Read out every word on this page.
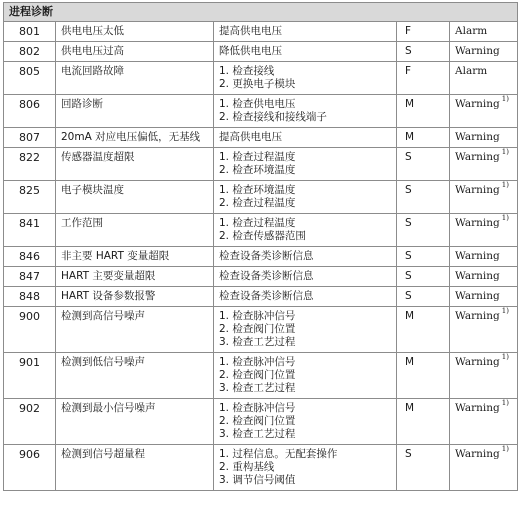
进程诊断				
801	供电电压太低	提高供电电压	F	Alarm
802	供电电压过高	降低供电电压	S	Warning
805	电流回路故障	1. 检查接线
2. 更换电子模块	F	Alarm
806	回路诊断	1. 检查供电电压
2. 检查接线和接线端子	M	Warning $^{1)}$
807	20mA 对应电压偏低，无基线	提高供电电压	M	Warning
822	传感器温度超限	1. 检查过程温度
2. 检查环境温度	S	Warning $^{1)}$
825	电子模块温度	1. 检查环境温度
2. 检查过程温度	S	Warning $^{1)}$
841	工作范围	1. 检查过程温度
2. 检查传感器范围	S	Warning $^{1)}$
846	非主要 HART 变量超限	检查设备类诊断信息	S	Warning
847	HART 主要变量超限	检查设备类诊断信息	S	Warning
848	HART 设备参数报警	检查设备类诊断信息	S	Warning
900	检测到高信号噪声	1. 检查脉冲信号
2. 检查阀门位置
3. 检查工艺过程	M	Warning $^{1)}$
901	检测到低信号噪声	1. 检查脉冲信号
2. 检查阀门位置
3. 检查工艺过程	M	Warning $^{1)}$
902	检测到最小信号噪声	1. 检查脉冲信号
2. 检查阀门位置
3. 检查工艺过程	M	Warning $^{1)}$
906	检测到信号超量程	1. 过程信息。无配套操作
2. 重构基线
3. 调节信号阈值	S	Warning $^{1)}$
